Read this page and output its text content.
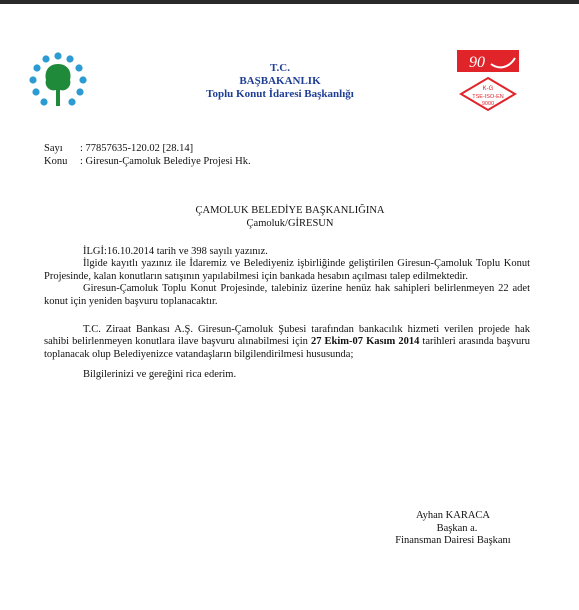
T.C.
BAŞBAKANLIK
Toplu Konut İdaresi Başkanlığı
90
K-G
TSE-ISO-EN
9000
Sayı	: 77857635-120.02 [28.14]
Konu	: Giresun-Çamoluk Belediye Projesi Hk.
ÇAMOLUK BELEDİYE BAŞKANLIĞINA
Çamoluk/GİRESUN

İLGİ:16.10.2014 tarih ve 398 sayılı yazınız.

İlgide kayıtlı yazınız ile İdaremiz ve Belediyeniz işbirliğinde geliştirilen Giresun-Çamoluk Toplu Konut Projesinde, kalan konutların satışının yapılabilmesi için bankada hesabın açılması talep edilmektedir.

Giresun-Çamoluk Toplu Konut Projesinde, talebiniz üzerine henüz hak sahipleri belirlenmeyen 22 adet konut için yeniden başvuru toplanacaktır.

T.C. Ziraat Bankası A.Ş. Giresun-Çamoluk Şubesi tarafından bankacılık hizmeti verilen projede hak sahibi belirlenmeyen konutlara ilave başvuru alınabilmesi için 27 Ekim-07 Kasım 2014 tarihleri arasında başvuru toplanacak olup Belediyenizce vatandaşların bilgilendirilmesi hususunda;

Bilgilerinizi ve gereğini rica ederim.

Ayhan KARACA
Başkan a.
Finansman Dairesi Başkanı
